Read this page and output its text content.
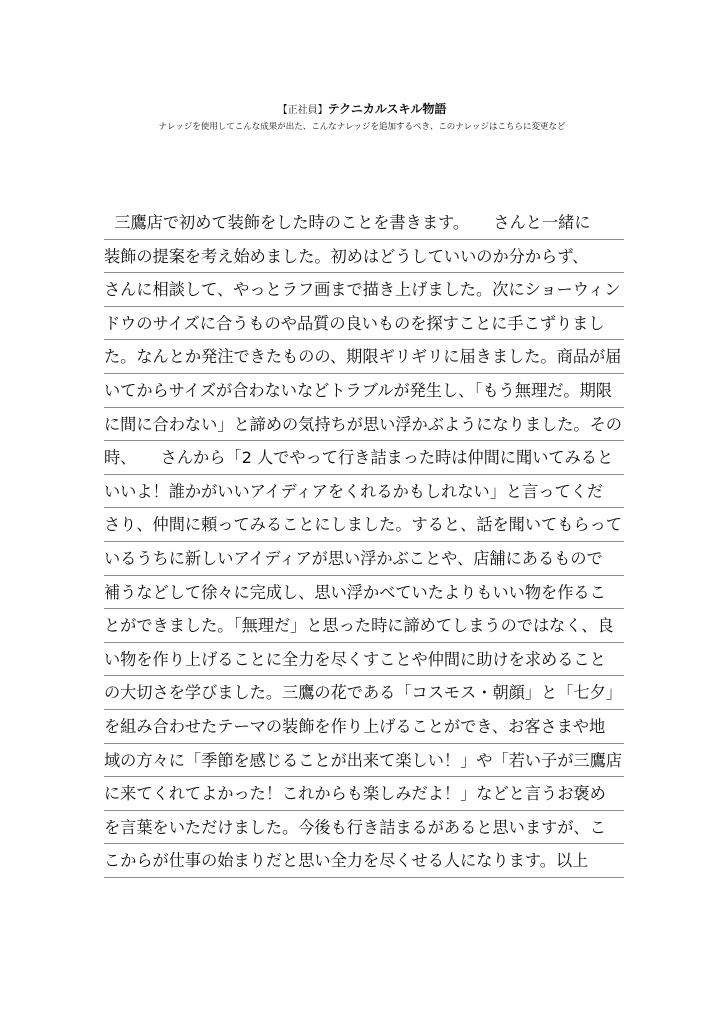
【正社員】テクニカルスキル物語
ナレッジを使用してこんな成果が出た、こんなナレッジを追加するべき、このナレッジはこちらに変更など
三鷹店で初めて装飾をした時のことを書きます。　　さんと一緒に
装飾の提案を考え始めました。初めはどうしていいのか分からず、
さんに相談して、やっとラフ画まで描き上げました。次にショーウィン
ドウのサイズに合うものや品質の良いものを探すことに手こずりまし
た。なんとか発注できたものの、期限ギリギリに届きました。商品が届
いてからサイズが合わないなどトラブルが発生し、「もう無理だ。期限
に間に合わない」と諦めの気持ちが思い浮かぶようになりました。その
時、　　さんから「2 人でやって行き詰まった時は仲間に聞いてみると
いいよ！誰かがいいアイディアをくれるかもしれない」と言ってくだ
さり、仲間に頼ってみることにしました。すると、話を聞いてもらって
いるうちに新しいアイディアが思い浮かぶことや、店舗にあるもので
補うなどして徐々に完成し、思い浮かべていたよりもいい物を作るこ
とができました。「無理だ」と思った時に諦めてしまうのではなく、良
い物を作り上げることに全力を尽くすことや仲間に助けを求めること
の大切さを学びました。三鷹の花である「コスモス・朝顔」と「七夕」
を組み合わせたテーマの装飾を作り上げることができ、お客さまや地
域の方々に「季節を感じることが出来て楽しい！」や「若い子が三鷹店
に来てくれてよかった！これからも楽しみだよ！」などと言うお褒め
を言葉をいただけました。今後も行き詰まるがあると思いますが、こ
こからが仕事の始まりだと思い全力を尽くせる人になります。以上
